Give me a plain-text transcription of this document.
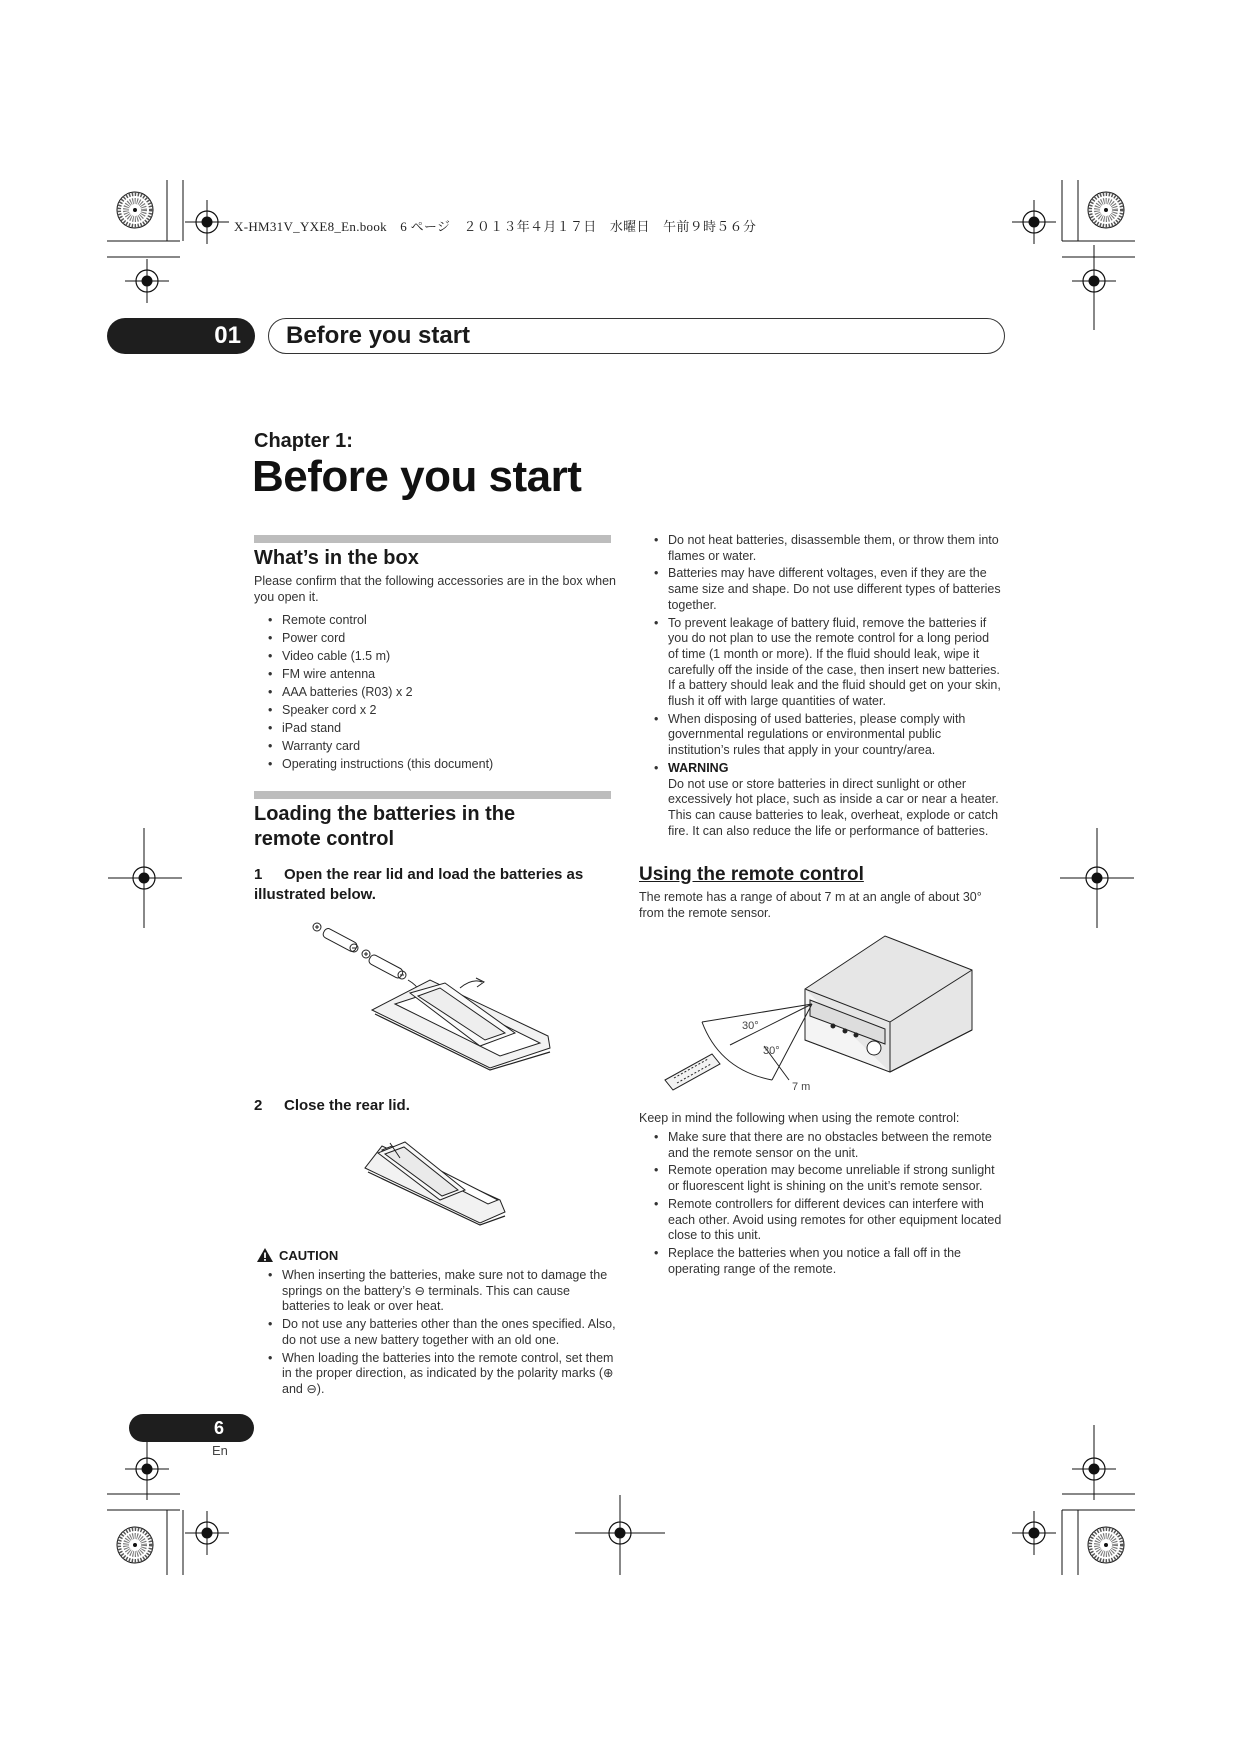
X-HM31V_YXE8_En.book　6 ページ　２０１３年４月１７日　水曜日　午前９時５６分
01 Before you start
Chapter 1:
Before you start
What’s in the box
Please confirm that the following accessories are in the box when you open it.
• Remote control
• Power cord
• Video cable (1.5 m)
• FM wire antenna
• AAA batteries (R03) x 2
• Speaker cord x 2
• iPad stand
• Warranty card
• Operating instructions (this document)
Loading the batteries in the
remote control
1 Open the rear lid and load the batteries as
illustrated below.
2 Close the rear lid.
CAUTION
• When inserting the batteries, make sure not to damage the springs on the battery’s ⊖ terminals. This can cause batteries to leak or over heat.
• Do not use any batteries other than the ones specified. Also, do not use a new battery together with an old one.
• When loading the batteries into the remote control, set them in the proper direction, as indicated by the polarity marks (⊕ and ⊖).
• Do not heat batteries, disassemble them, or throw them into flames or water.
• Batteries may have different voltages, even if they are the same size and shape. Do not use different types of batteries together.
• To prevent leakage of battery fluid, remove the batteries if you do not plan to use the remote control for a long period of time (1 month or more). If the fluid should leak, wipe it carefully off the inside of the case, then insert new batteries. If a battery should leak and the fluid should get on your skin, flush it off with large quantities of water.
• When disposing of used batteries, please comply with governmental regulations or environmental public institution’s rules that apply in your country/area.
• WARNING
Do not use or store batteries in direct sunlight or other excessively hot place, such as inside a car or near a heater. This can cause batteries to leak, overheat, explode or catch fire. It can also reduce the life or performance of batteries.
Using the remote control
The remote has a range of about 7 m at an angle of about 30° from the remote sensor.
30°
30°
7 m
Keep in mind the following when using the remote control:
• Make sure that there are no obstacles between the remote and the remote sensor on the unit.
• Remote operation may become unreliable if strong sunlight or fluorescent light is shining on the unit’s remote sensor.
• Remote controllers for different devices can interfere with each other. Avoid using remotes for other equipment located close to this unit.
• Replace the batteries when you notice a fall off in the operating range of the remote.
6
En
